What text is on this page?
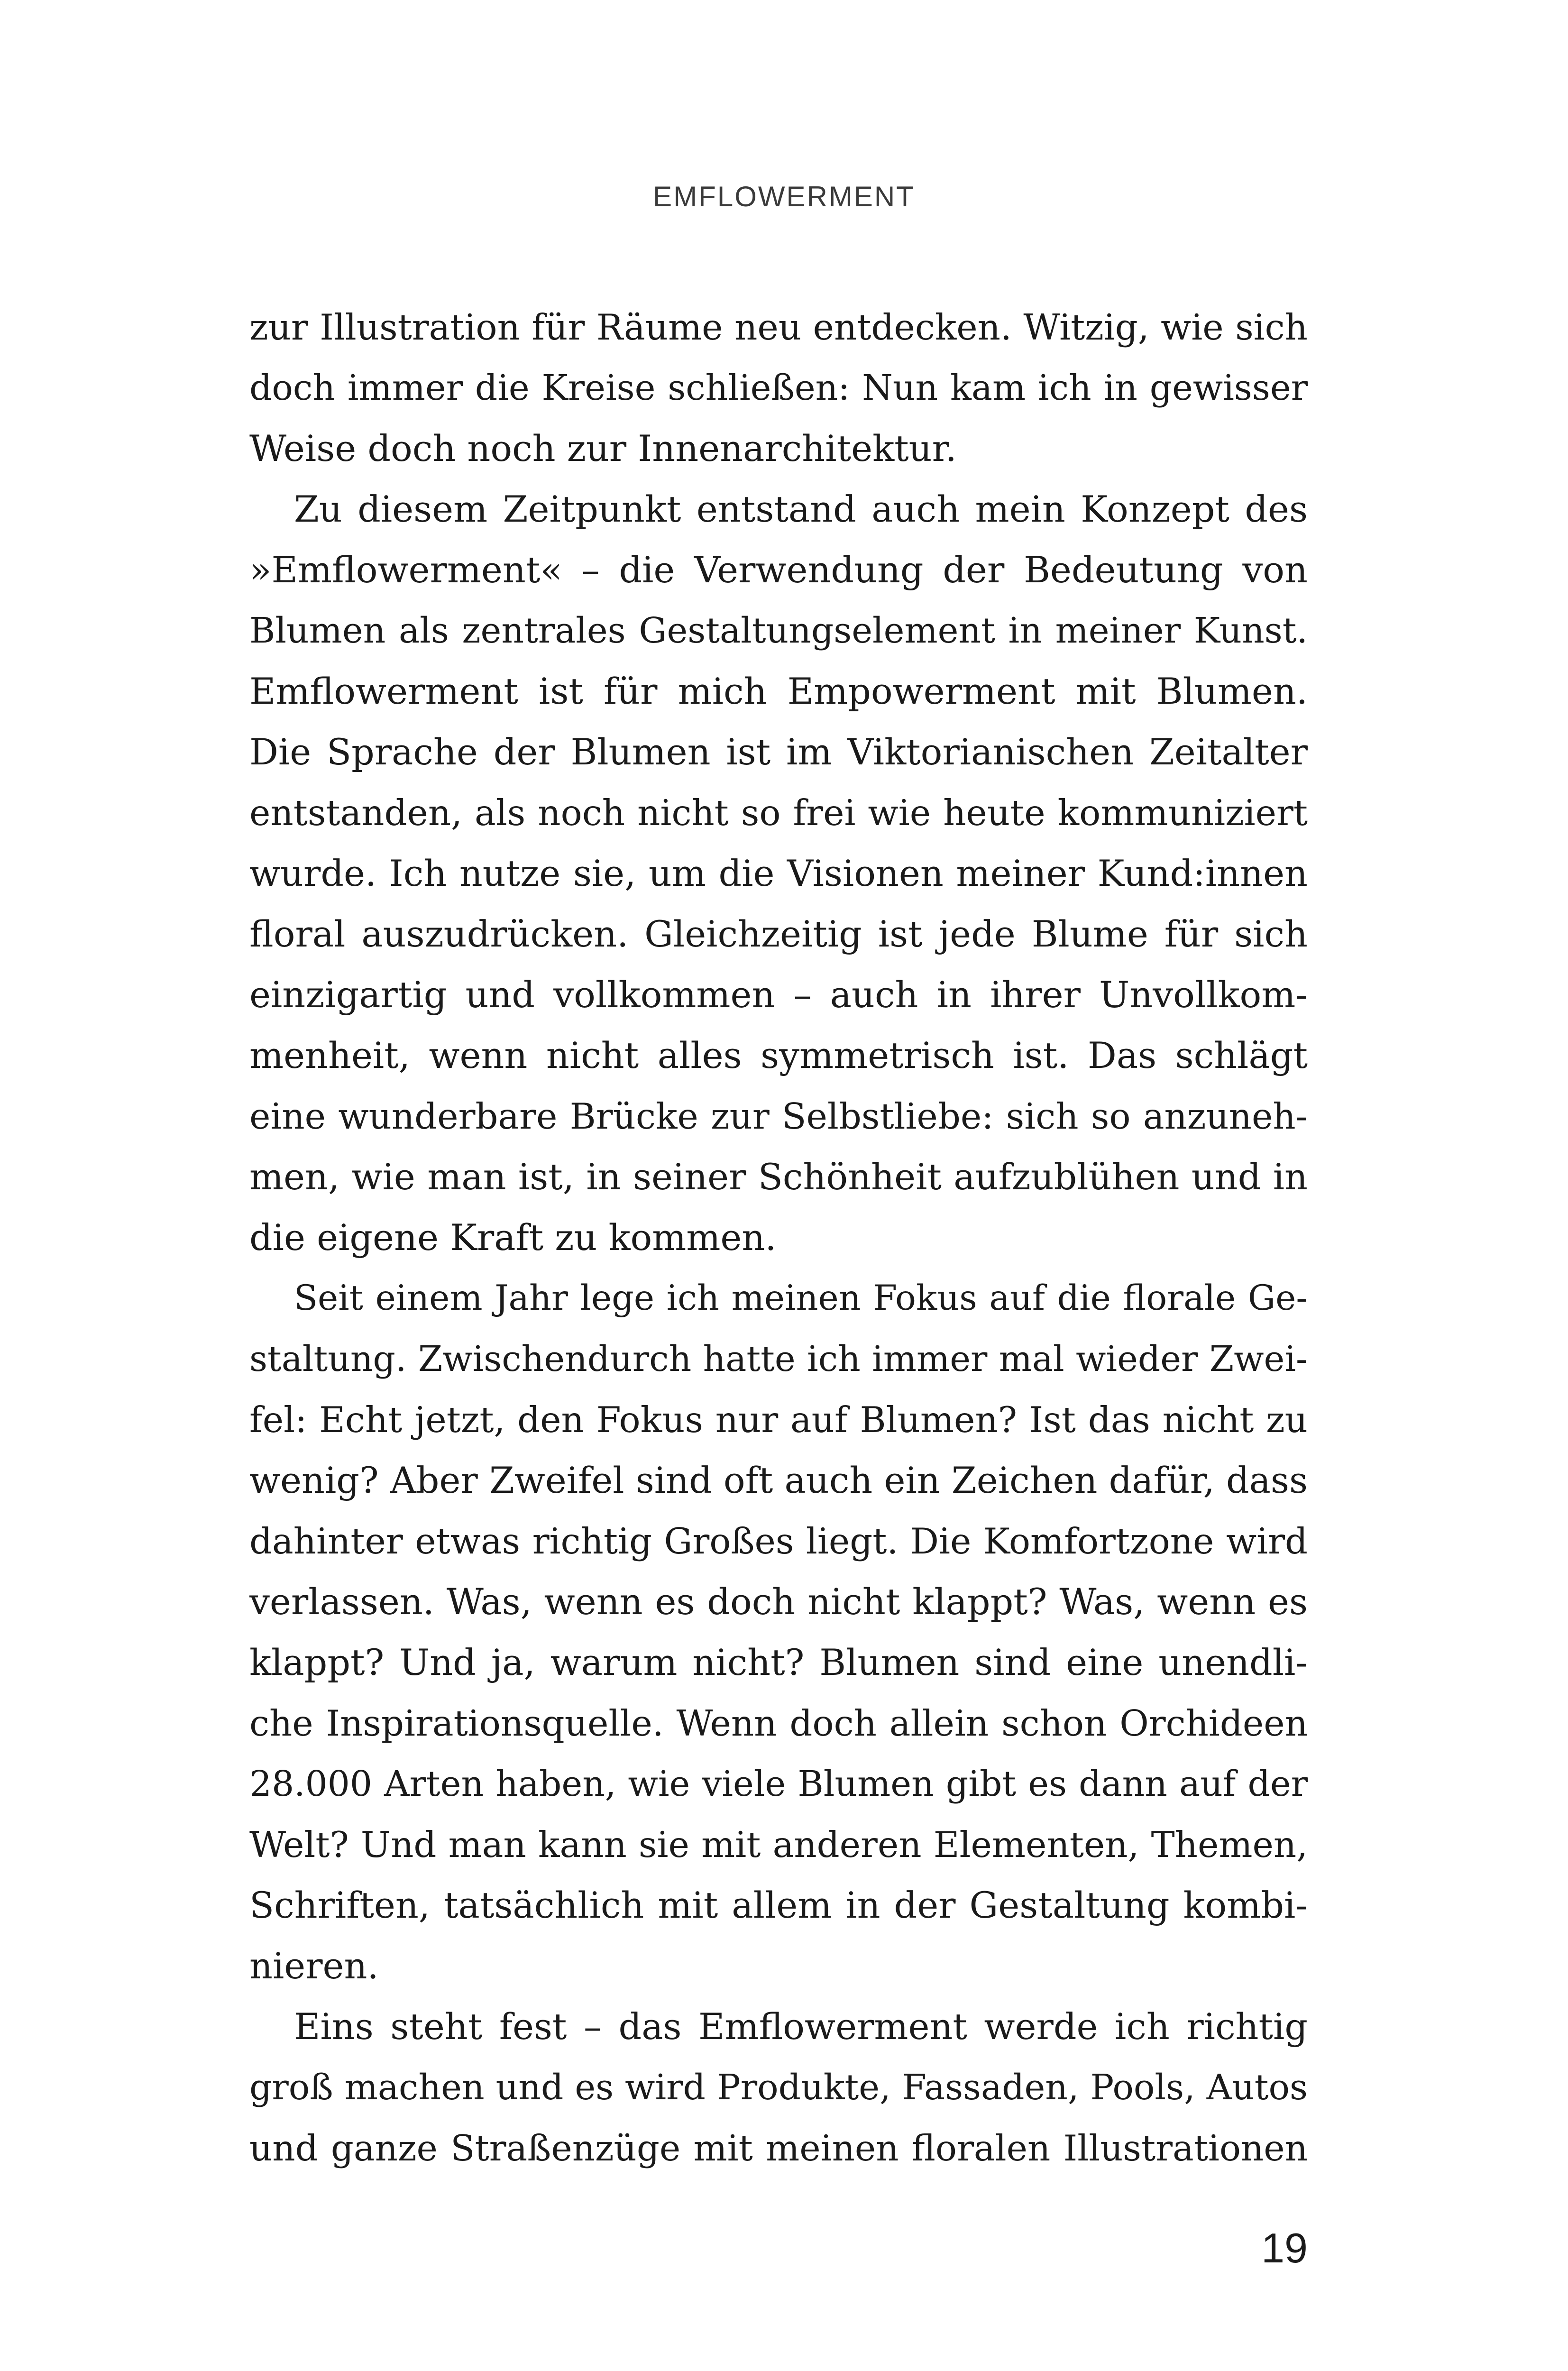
EMFLOWERMENT
zur Illustration für Räume neu entdecken. Witzig, wie sich
doch immer die Kreise schließen: Nun kam ich in gewisser
Weise doch noch zur Innenarchitektur.
Zu diesem Zeitpunkt entstand auch mein Konzept des
»Emflowerment« – die Verwendung der Bedeutung von
Blumen als zentrales Gestaltungselement in meiner Kunst.
Emflowerment ist für mich Empowerment mit Blumen.
Die Sprache der Blumen ist im Viktorianischen Zeitalter
entstanden, als noch nicht so frei wie heute kommuniziert
wurde. Ich nutze sie, um die Visionen meiner Kund:innen
floral auszudrücken. Gleichzeitig ist jede Blume für sich
einzigartig und vollkommen – auch in ihrer Unvollkom-
menheit, wenn nicht alles symmetrisch ist. Das schlägt
eine wunderbare Brücke zur Selbstliebe: sich so anzuneh-
men, wie man ist, in seiner Schönheit aufzublühen und in
die eigene Kraft zu kommen.
Seit einem Jahr lege ich meinen Fokus auf die florale Ge-
staltung. Zwischendurch hatte ich immer mal wieder Zwei-
fel: Echt jetzt, den Fokus nur auf Blumen? Ist das nicht zu
wenig? Aber Zweifel sind oft auch ein Zeichen dafür, dass
dahinter etwas richtig Großes liegt. Die Komfortzone wird
verlassen. Was, wenn es doch nicht klappt? Was, wenn es
klappt? Und ja, warum nicht? Blumen sind eine unendli-
che Inspirationsquelle. Wenn doch allein schon Orchideen
28.000 Arten haben, wie viele Blumen gibt es dann auf der
Welt? Und man kann sie mit anderen Elementen, Themen,
Schriften, tatsächlich mit allem in der Gestaltung kombi-
nieren.
Eins steht fest – das Emflowerment werde ich richtig
groß machen und es wird Produkte, Fassaden, Pools, Autos
und ganze Straßenzüge mit meinen floralen Illustrationen
19
